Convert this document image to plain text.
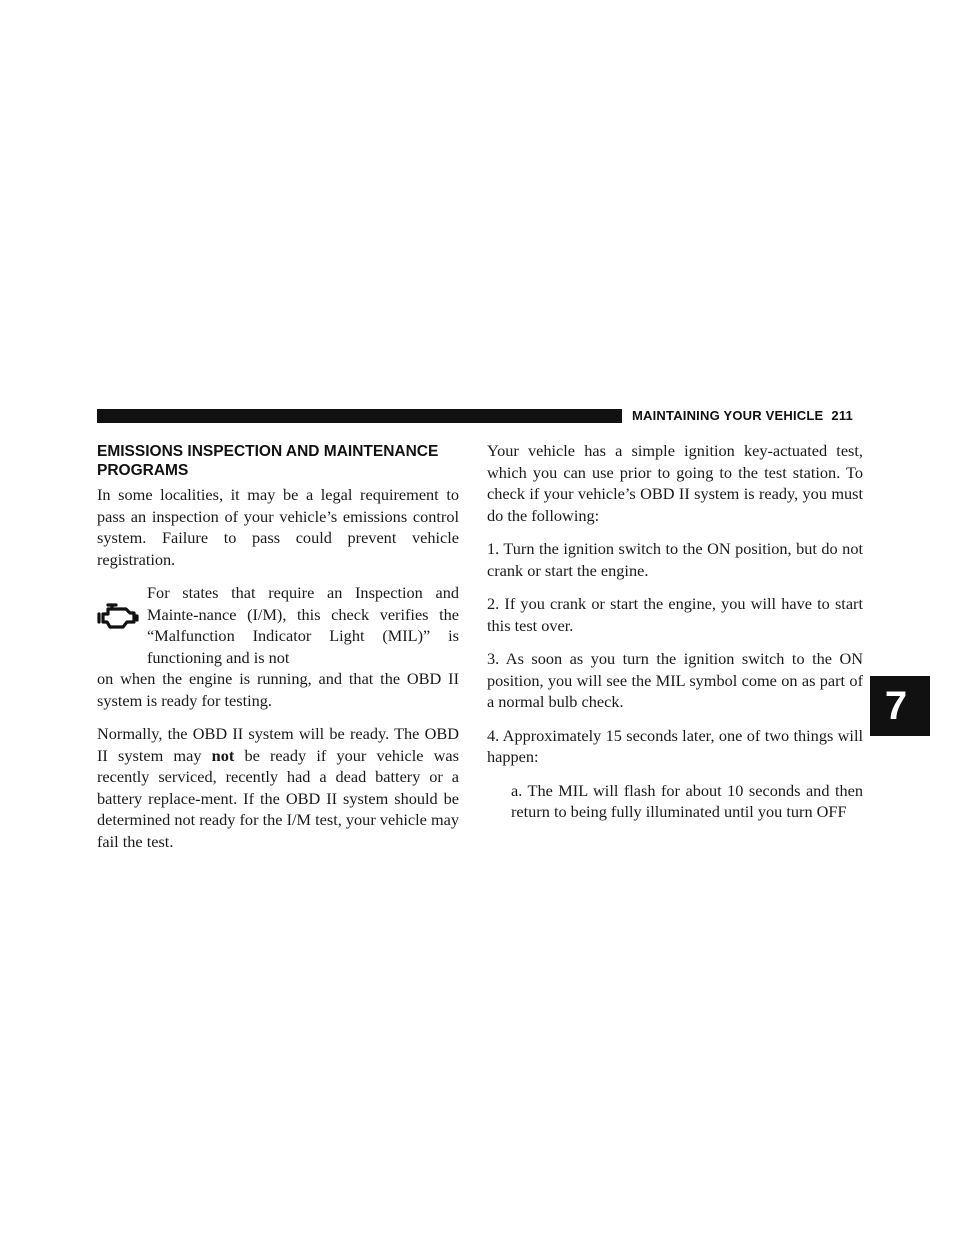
MAINTAINING YOUR VEHICLE 211
EMISSIONS INSPECTION AND MAINTENANCE PROGRAMS

In some localities, it may be a legal requirement to pass an inspection of your vehicle’s emissions control system. Failure to pass could prevent vehicle registration.

For states that require an Inspection and Mainte-nance (I/M), this check verifies the “Malfunction Indicator Light (MIL)” is functioning and is not
on when the engine is running, and that the OBD II system is ready for testing.

Normally, the OBD II system will be ready. The OBD II system may not be ready if your vehicle was recently serviced, recently had a dead battery or a battery replace-ment. If the OBD II system should be determined not ready for the I/M test, your vehicle may fail the test.

Your vehicle has a simple ignition key-actuated test, which you can use prior to going to the test station. To check if your vehicle’s OBD II system is ready, you must do the following:

1. Turn the ignition switch to the ON position, but do not crank or start the engine.

2. If you crank or start the engine, you will have to start this test over.

3. As soon as you turn the ignition switch to the ON position, you will see the MIL symbol come on as part of a normal bulb check.

4. Approximately 15 seconds later, one of two things will happen:

a. The MIL will flash for about 10 seconds and then return to being fully illuminated until you turn OFF

7
